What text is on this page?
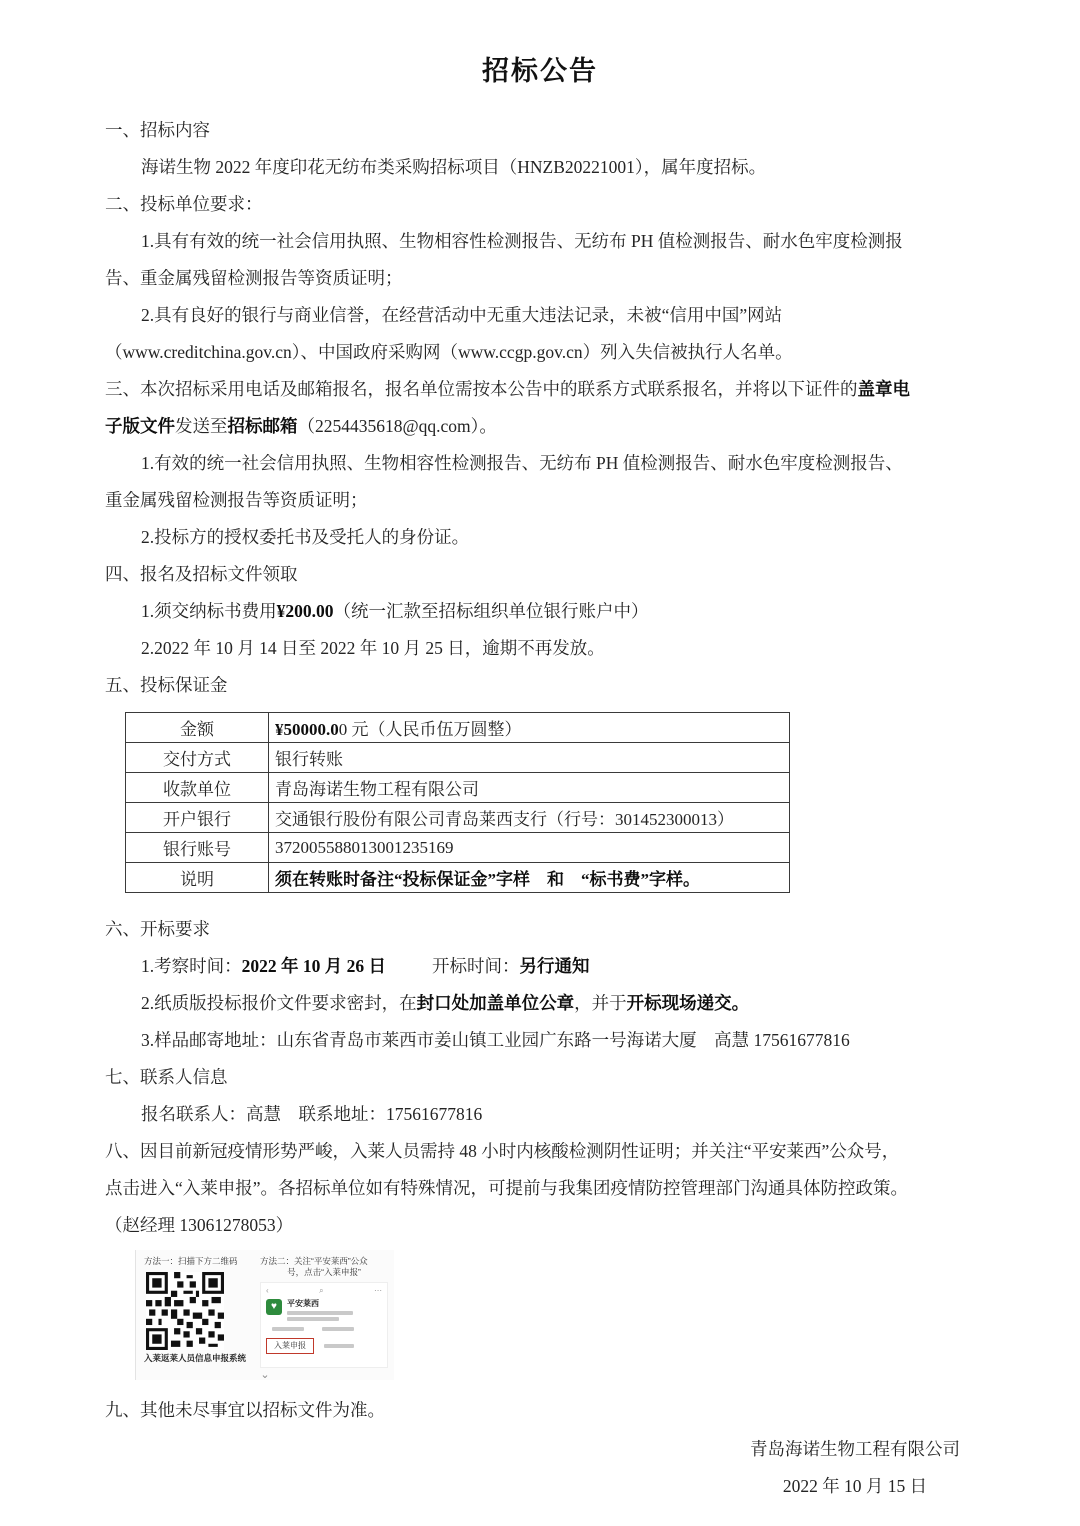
招标公告
一、招标内容
海诺生物 2022 年度印花无纺布类采购招标项目（HNZB20221001），属年度招标。
二、投标单位要求：
1.具有有效的统一社会信用执照、生物相容性检测报告、无纺布 PH 值检测报告、耐水色牢度检测报
告、重金属残留检测报告等资质证明；
2.具有良好的银行与商业信誉，在经营活动中无重大违法记录，未被“信用中国”网站
（www.creditchina.gov.cn）、中国政府采购网（www.ccgp.gov.cn）列入失信被执行人名单。
三、本次招标采用电话及邮箱报名，报名单位需按本公告中的联系方式联系报名，并将以下证件的盖章电
子版文件发送至招标邮箱（2254435618@qq.com）。
1.有效的统一社会信用执照、生物相容性检测报告、无纺布 PH 值检测报告、耐水色牢度检测报告、
重金属残留检测报告等资质证明；
2.投标方的授权委托书及受托人的身份证。
四、报名及招标文件领取
1.须交纳标书费用¥200.00（统一汇款至招标组织单位银行账户中）
2.2022 年 10 月 14 日至 2022 年 10 月 25 日，逾期不再发放。
五、投标保证金
金额	¥50000.00 元（人民币伍万圆整）
交付方式	银行转账
收款单位	青岛海诺生物工程有限公司
开户银行	交通银行股份有限公司青岛莱西支行（行号：301452300013）
银行账号	372005588013001235169
说明	须在转账时备注“投标保证金”字样　和　“标书费”字样。
六、开标要求
1.考察时间：2022 年 10 月 26 日	开标时间：另行通知
2.纸质版投标报价文件要求密封，在封口处加盖单位公章，并于开标现场递交。
3.样品邮寄地址：山东省青岛市莱西市姜山镇工业园广东路一号海诺大厦　高慧 17561677816
七、联系人信息
报名联系人：高慧　联系地址：17561677816
八、因目前新冠疫情形势严峻，入莱人员需持 48 小时内核酸检测阴性证明；并关注“平安莱西”公众号，
点击进入“入莱申报”。各招标单位如有特殊情况，可提前与我集团疫情防控管理部门沟通具体防控政策。
（赵经理 13061278053）
方法一：扫描下方二维码
入莱返莱人员信息申报系统
方法二：关注“平安莱西”公众
号，点击“入莱申报”
‹	⌕	⋯
♥	平安莱西
入莱申报
⌄
九、其他未尽事宜以招标文件为准。
青岛海诺生物工程有限公司
2022 年 10 月 15 日
